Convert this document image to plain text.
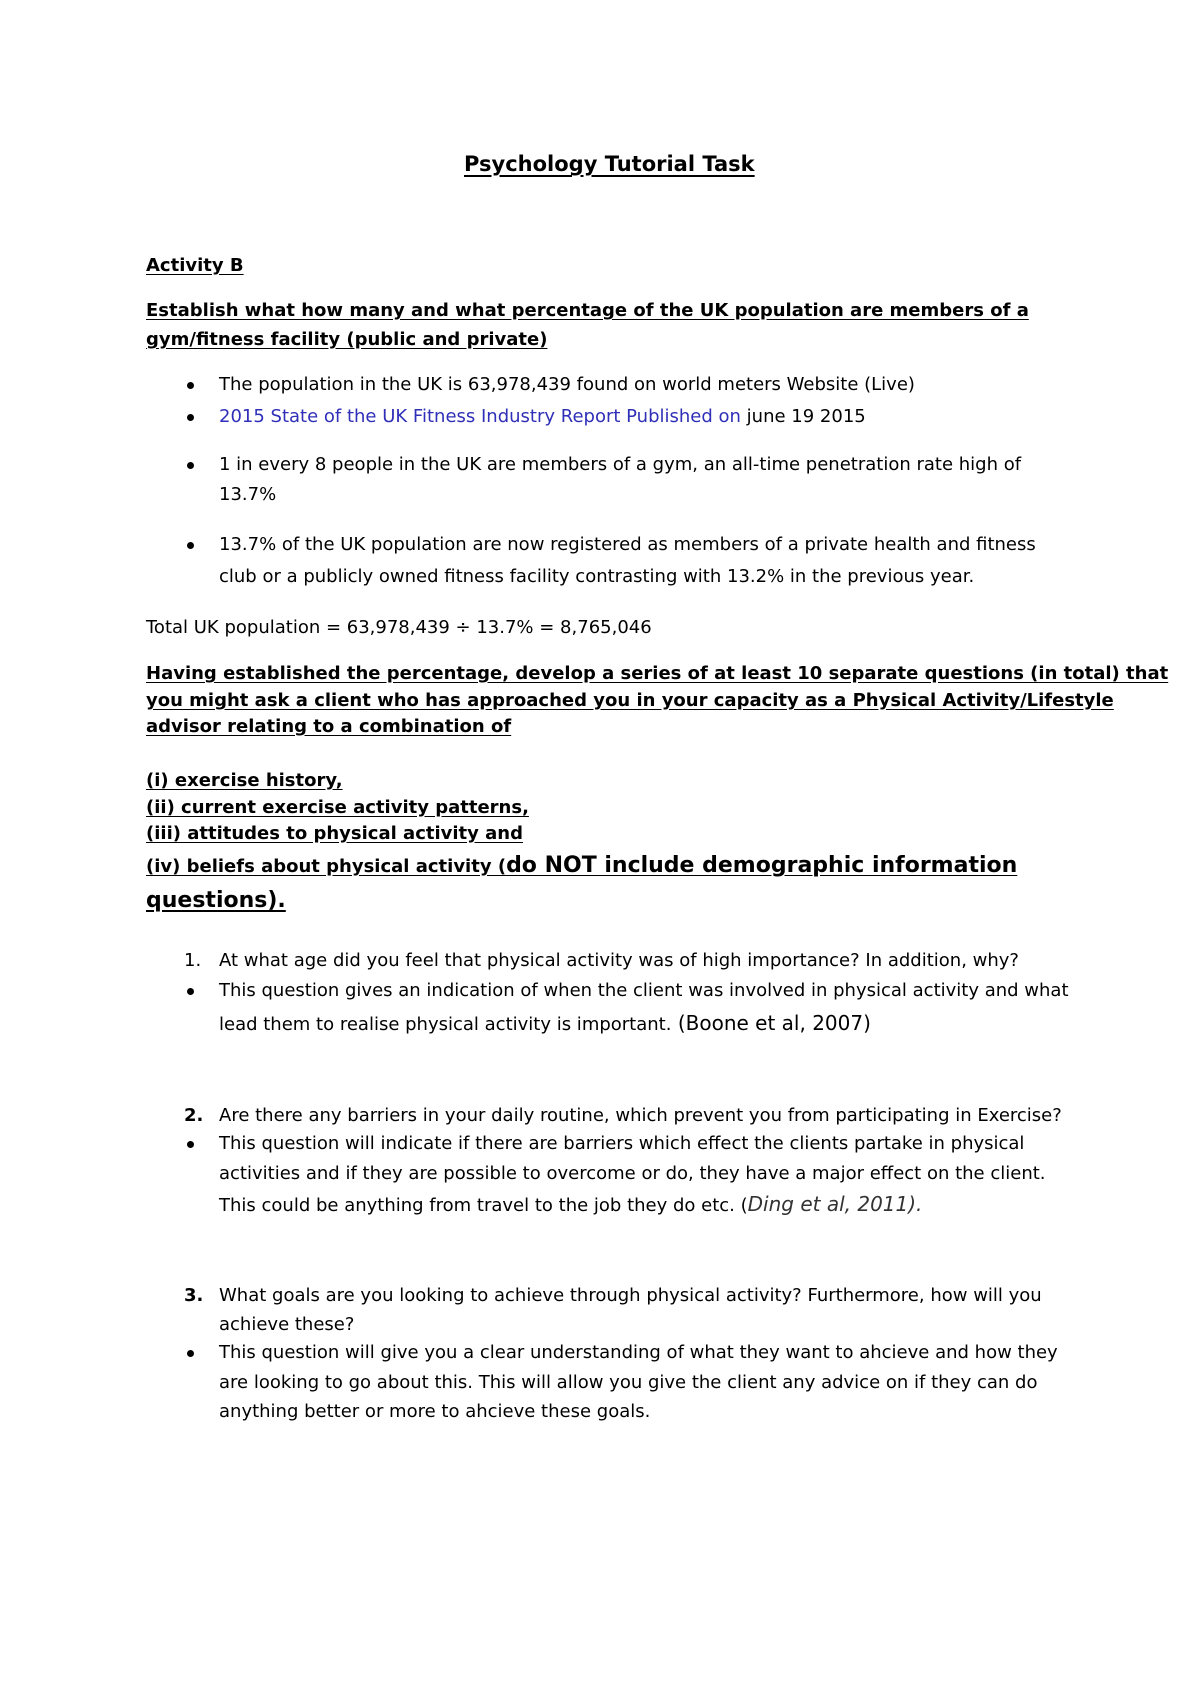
Psychology Tutorial Task
Activity B
Establish what how many and what percentage of the UK population are members of a
gym/fitness facility (public and private)
The population in the UK is 63,978,439 found on world meters Website (Live)
2015 State of the UK Fitness Industry Report Published on june 19 2015
1 in every 8 people in the UK are members of a gym, an all-time penetration rate high of
13.7%
13.7% of the UK population are now registered as members of a private health and fitness
club or a publicly owned fitness facility contrasting with 13.2% in the previous year.
Total UK population = 63,978,439 ÷ 13.7% = 8,765,046
Having established the percentage, develop a series of at least 10 separate questions (in total) that
you might ask a client who has approached you in your capacity as a Physical Activity/Lifestyle
advisor relating to a combination of
(i) exercise history,
(ii) current exercise activity patterns,
(iii) attitudes to physical activity and
(iv) beliefs about physical activity (do NOT include demographic information
questions).
1. At what age did you feel that physical activity was of high importance? In addition, why?
This question gives an indication of when the client was involved in physical activity and what
lead them to realise physical activity is important. (Boone et al, 2007)
2. Are there any barriers in your daily routine, which prevent you from participating in Exercise?
This question will indicate if there are barriers which effect the clients partake in physical
activities and if they are possible to overcome or do, they have a major effect on the client.
This could be anything from travel to the job they do etc. (Ding et al, 2011).
3. What goals are you looking to achieve through physical activity? Furthermore, how will you
achieve these?
This question will give you a clear understanding of what they want to ahcieve and how they
are looking to go about this. This will allow you give the client any advice on if they can do
anything better or more to ahcieve these goals.
